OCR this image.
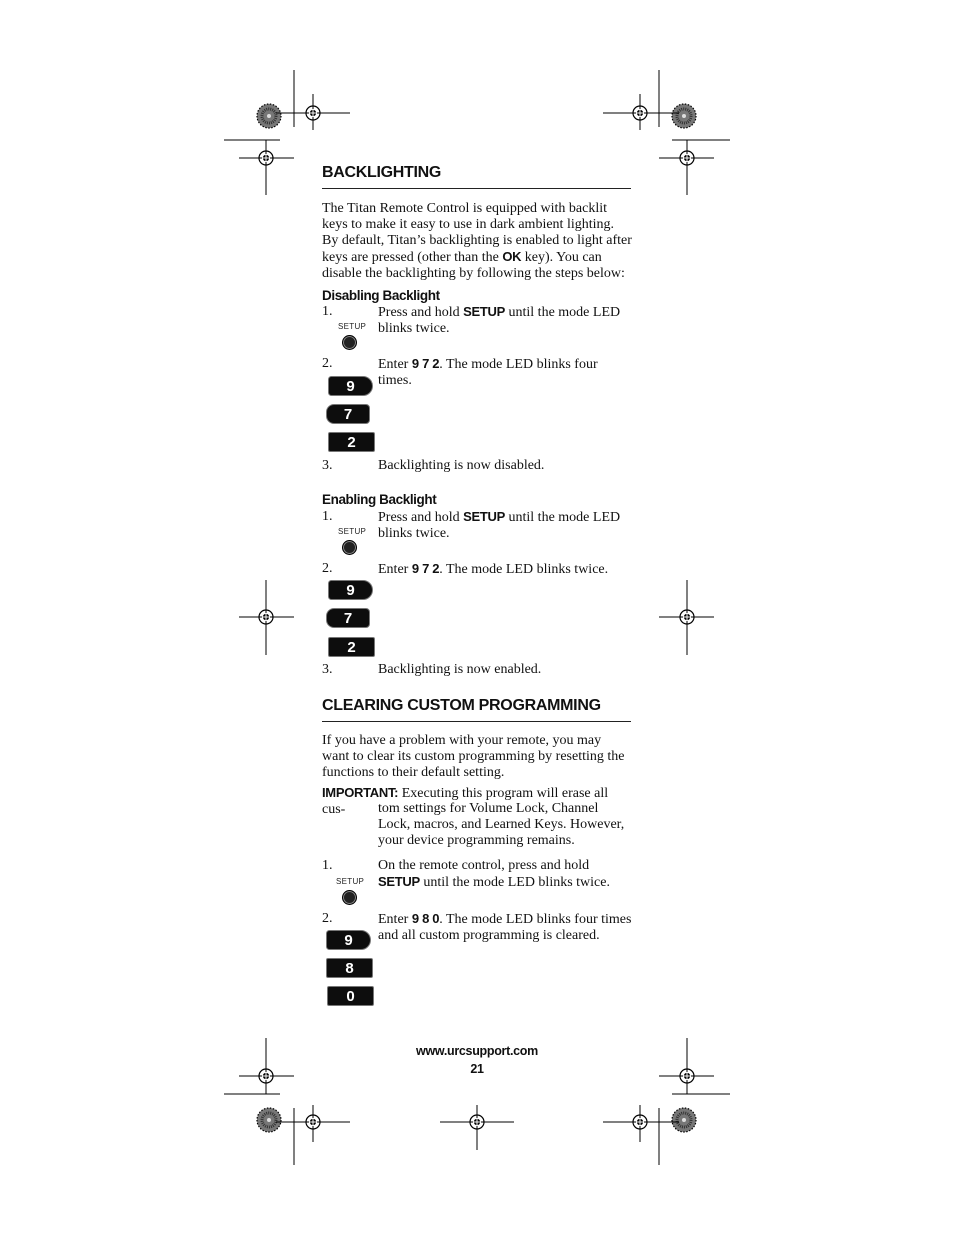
BACKLIGHTING
The Titan Remote Control is equipped with backlit keys to make it easy to use in dark ambient lighting. By default, Titan’s backlighting is enabled to light after keys are pressed (other than the OK key). You can disable the backlighting by following the steps below:
Disabling Backlight
1.	Press and hold SETUP until the mode LED blinks twice.
SETUP
2.	Enter 9 7 2. The mode LED blinks four times.
9
7
2
3.	Backlighting is now disabled.
Enabling Backlight
1.	Press and hold SETUP until the mode LED blinks twice.
SETUP
2.	Enter 9 7 2. The mode LED blinks twice.
9
7
2
3.	Backlighting is now enabled.
CLEARING CUSTOM PROGRAMMING
If you have a problem with your remote, you may want to clear its custom programming by resetting the functions to their default setting.
IMPORTANT: Executing this program will erase all cus-	tom settings for Volume Lock, Channel Lock, macros, and Learned Keys. However, your device programming remains.
1.	On the remote control, press and hold SETUP until the mode LED blinks twice.
SETUP
2.	Enter 9 8 0. The mode LED blinks four times and all custom programming is cleared.
9
8
0
www.urcsupport.com
21
